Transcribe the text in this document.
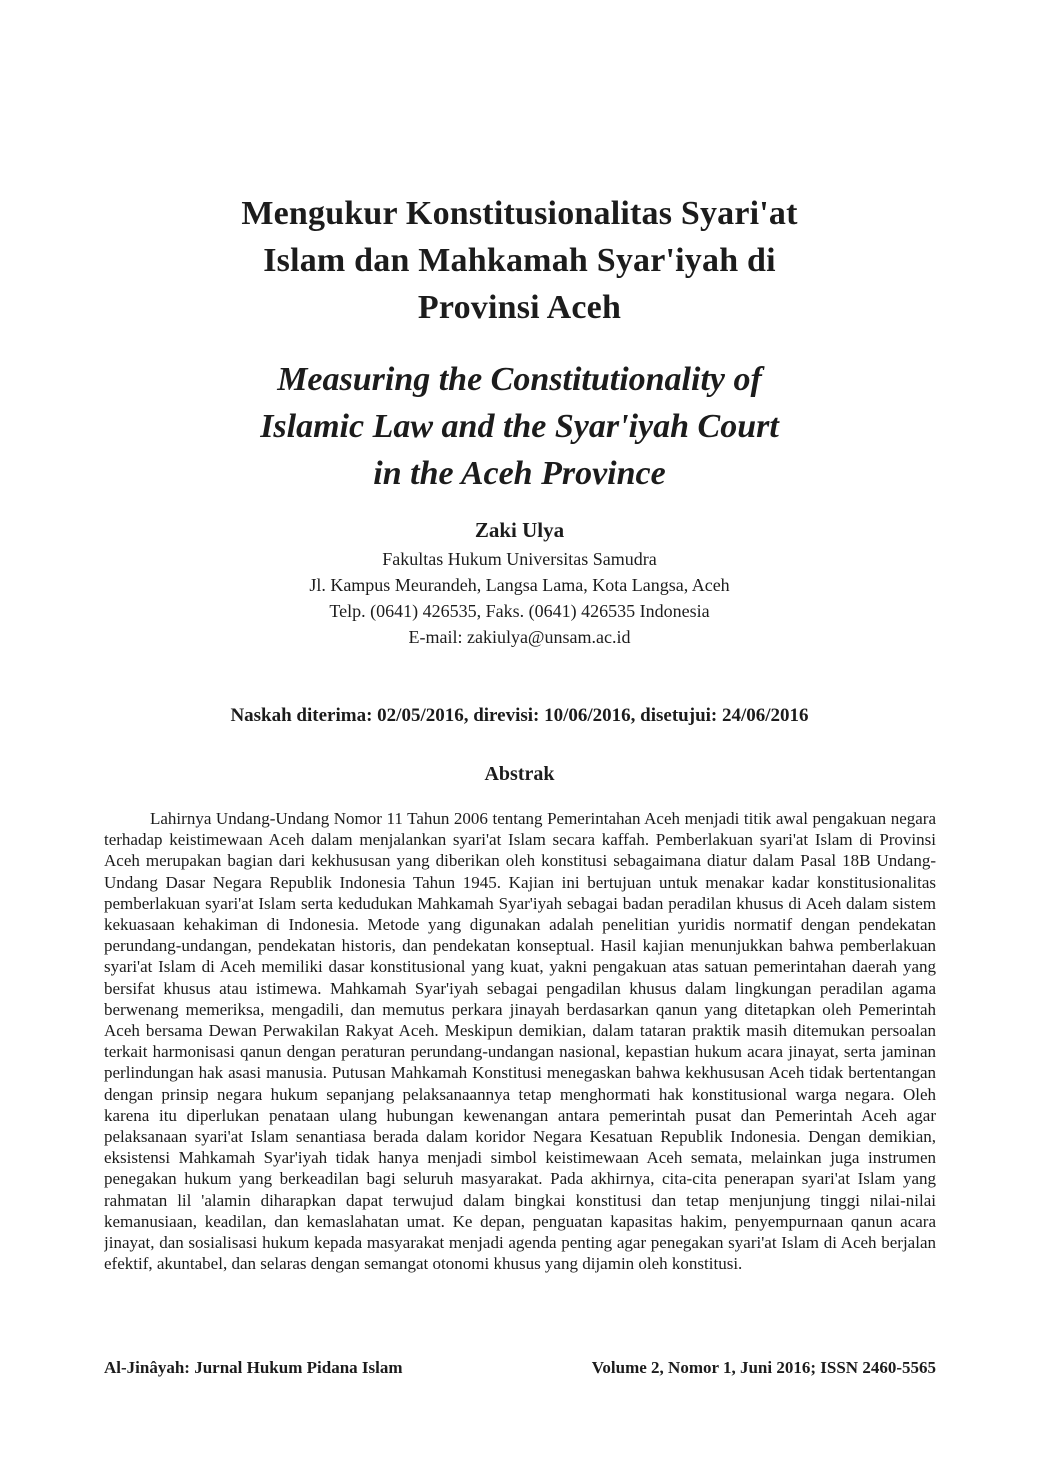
Mengukur Konstitusionalitas Syari'at
Islam dan Mahkamah Syar'iyah di
Provinsi Aceh
Measuring the Constitutionality of
Islamic Law and the Syar'iyah Court
in the Aceh Province
Zaki Ulya
Fakultas Hukum Universitas Samudra
Jl. Kampus Meurandeh, Langsa Lama, Kota Langsa, Aceh
Telp. (0641) 426535, Faks. (0641) 426535 Indonesia
E-mail: zakiulya@unsam.ac.id
Naskah diterima: 02/05/2016, direvisi: 10/06/2016, disetujui: 24/06/2016
Abstrak
Lahirnya Undang-Undang Nomor 11 Tahun 2006 tentang Pemerintahan Aceh menjadi titik awal pengakuan negara terhadap keistimewaan Aceh dalam menjalankan syari'at Islam secara kaffah. Pemberlakuan syari'at Islam di Provinsi Aceh merupakan bagian dari kekhususan yang diberikan oleh konstitusi sebagaimana diatur dalam Pasal 18B Undang-Undang Dasar Negara Republik Indonesia Tahun 1945. Kajian ini bertujuan untuk menakar kadar konstitusionalitas pemberlakuan syari'at Islam serta kedudukan Mahkamah Syar'iyah sebagai badan peradilan khusus di Aceh dalam sistem kekuasaan kehakiman di Indonesia. Metode yang digunakan adalah penelitian yuridis normatif dengan pendekatan perundang-undangan, pendekatan historis, dan pendekatan konseptual. Hasil kajian menunjukkan bahwa pemberlakuan syari'at Islam di Aceh memiliki dasar konstitusional yang kuat, yakni pengakuan atas satuan pemerintahan daerah yang bersifat khusus atau istimewa. Mahkamah Syar'iyah sebagai pengadilan khusus dalam lingkungan peradilan agama berwenang memeriksa, mengadili, dan memutus perkara jinayah berdasarkan qanun yang ditetapkan oleh Pemerintah Aceh bersama Dewan Perwakilan Rakyat Aceh. Meskipun demikian, dalam tataran praktik masih ditemukan persoalan terkait harmonisasi qanun dengan peraturan perundang-undangan nasional, kepastian hukum acara jinayat, serta jaminan perlindungan hak asasi manusia. Putusan Mahkamah Konstitusi menegaskan bahwa kekhususan Aceh tidak bertentangan dengan prinsip negara hukum sepanjang pelaksanaannya tetap menghormati hak konstitusional warga negara. Oleh karena itu diperlukan penataan ulang hubungan kewenangan antara pemerintah pusat dan Pemerintah Aceh agar pelaksanaan syari'at Islam senantiasa berada dalam koridor Negara Kesatuan Republik Indonesia. Dengan demikian, eksistensi Mahkamah Syar'iyah tidak hanya menjadi simbol keistimewaan Aceh semata, melainkan juga instrumen penegakan hukum yang berkeadilan bagi seluruh masyarakat. Pada akhirnya, cita-cita penerapan syari'at Islam yang rahmatan lil 'alamin diharapkan dapat terwujud dalam bingkai konstitusi dan tetap menjunjung tinggi nilai-nilai kemanusiaan, keadilan, dan kemaslahatan umat. Ke depan, penguatan kapasitas hakim, penyempurnaan qanun acara jinayat, dan sosialisasi hukum kepada masyarakat menjadi agenda penting agar penegakan syari'at Islam di Aceh berjalan efektif, akuntabel, dan selaras dengan semangat otonomi khusus yang dijamin oleh konstitusi.
Al-Jinâyah: Jurnal Hukum Pidana Islam	Volume 2, Nomor 1, Juni 2016; ISSN 2460-5565
